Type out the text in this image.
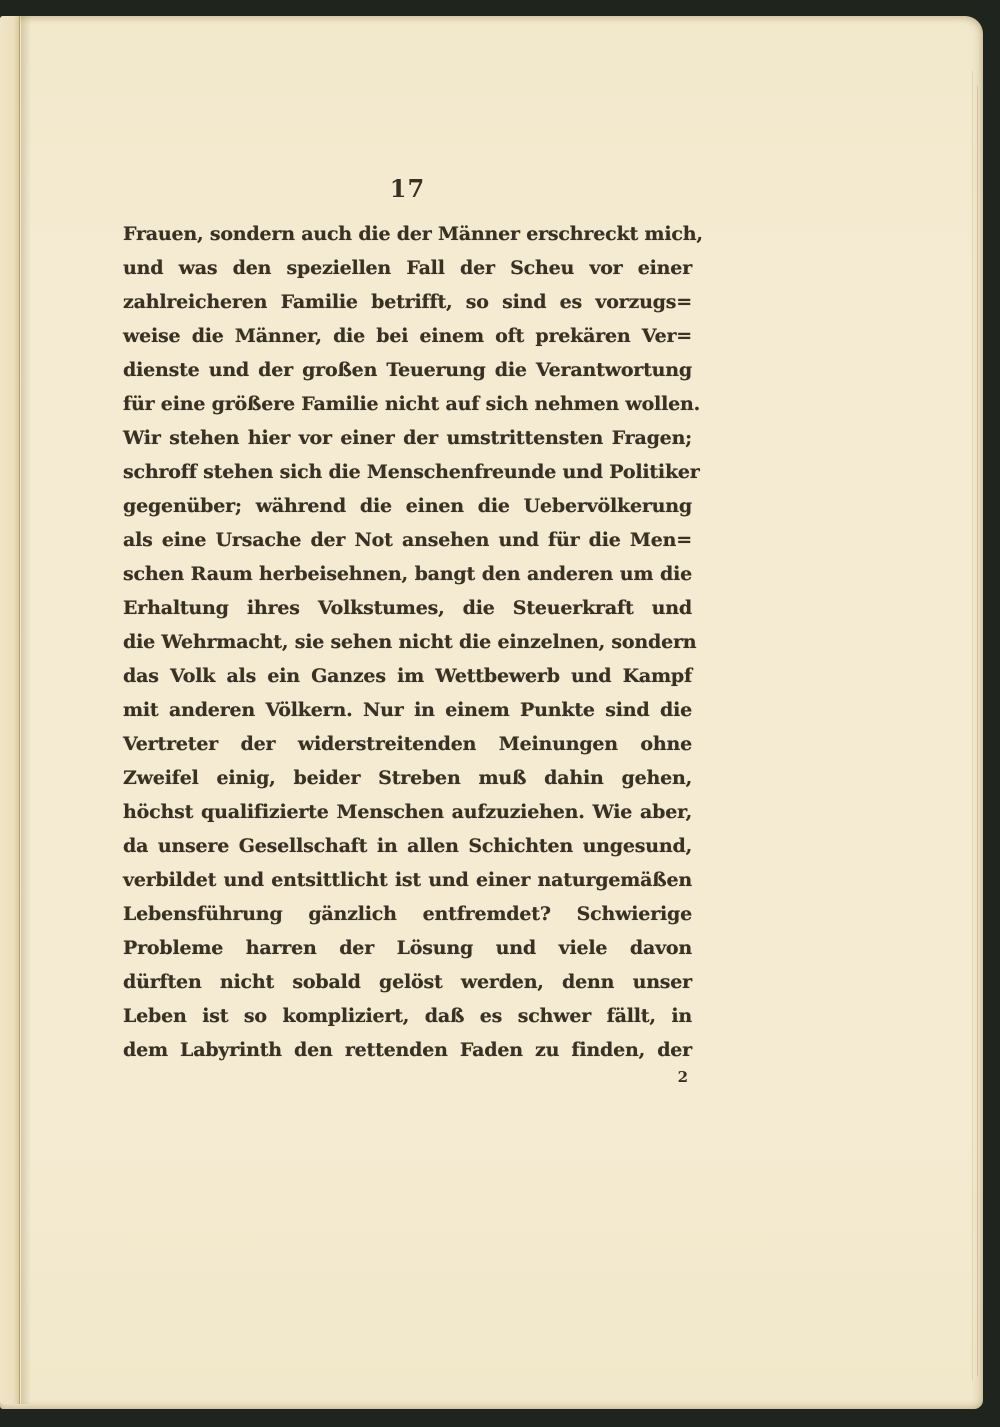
17

Frauen, sondern auch die der Männer erschreckt mich,

und was den speziellen Fall der Scheu vor einer

zahlreicheren Familie betrifft, so sind es vorzugs=

weise die Männer, die bei einem oft prekären Ver=

dienste und der großen Teuerung die Verantwortung

für eine größere Familie nicht auf sich nehmen wollen.

Wir stehen hier vor einer der umstrittensten Fragen;

schroff stehen sich die Menschenfreunde und Politiker

gegenüber; während die einen die Uebervölkerung

als eine Ursache der Not ansehen und für die Men=

schen Raum herbeisehnen, bangt den anderen um die

Erhaltung ihres Volkstumes, die Steuerkraft und

die Wehrmacht, sie sehen nicht die einzelnen, sondern

das Volk als ein Ganzes im Wettbewerb und Kampf

mit anderen Völkern. Nur in einem Punkte sind die

Vertreter der widerstreitenden Meinungen ohne

Zweifel einig, beider Streben muß dahin gehen,

höchst qualifizierte Menschen aufzuziehen. Wie aber,

da unsere Gesellschaft in allen Schichten ungesund,

verbildet und entsittlicht ist und einer naturgemäßen

Lebensführung gänzlich entfremdet? Schwierige

Probleme harren der Lösung und viele davon

dürften nicht sobald gelöst werden, denn unser

Leben ist so kompliziert, daß es schwer fällt, in

dem Labyrinth den rettenden Faden zu finden, der

2
